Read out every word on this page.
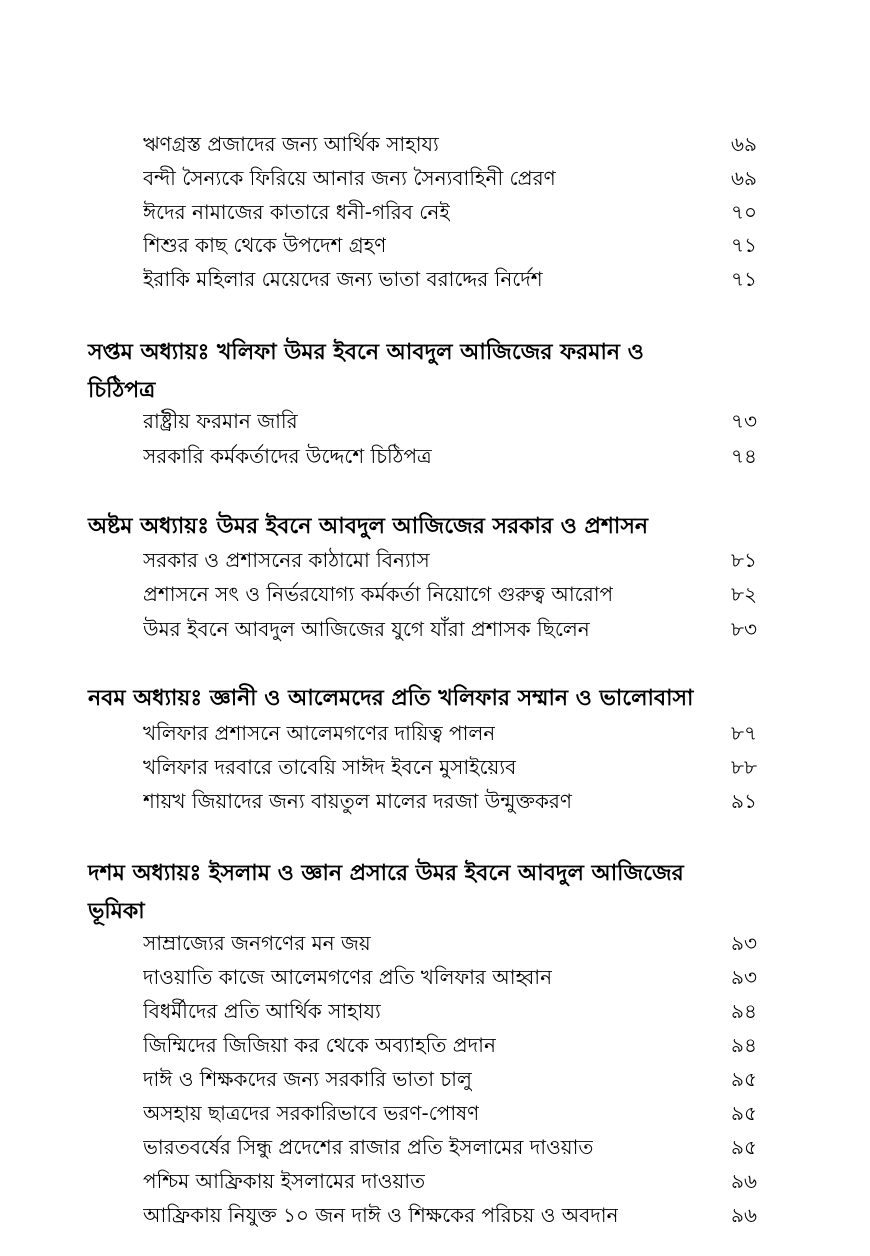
ঋণগ্রস্ত প্রজাদের জন্য আর্থিক সাহায্য	৬৯
বন্দী সৈন্যকে ফিরিয়ে আনার জন্য সৈন্যবাহিনী প্রেরণ	৬৯
ঈদের নামাজের কাতারে ধনী-গরিব নেই	৭০
শিশুর কাছ থেকে উপদেশ গ্রহণ	৭১
ইরাকি মহিলার মেয়েদের জন্য ভাতা বরাদ্দের নির্দেশ	৭১
সপ্তম অধ্যায়ঃ খলিফা উমর ইবনে আবদুল আজিজের ফরমান ও
চিঠিপত্র
রাষ্ট্রীয় ফরমান জারি	৭৩
সরকারি কর্মকর্তাদের উদ্দেশে চিঠিপত্র	৭৪
অষ্টম অধ্যায়ঃ উমর ইবনে আবদুল আজিজের সরকার ও প্রশাসন
সরকার ও প্রশাসনের কাঠামো বিন্যাস	৮১
প্রশাসনে সৎ ও নির্ভরযোগ্য কর্মকর্তা নিয়োগে গুরুত্ব আরোপ	৮২
উমর ইবনে আবদুল আজিজের যুগে যাঁরা প্রশাসক ছিলেন	৮৩
নবম অধ্যায়ঃ জ্ঞানী ও আলেমদের প্রতি খলিফার সম্মান ও ভালোবাসা
খলিফার প্রশাসনে আলেমগণের দায়িত্ব পালন	৮৭
খলিফার দরবারে তাবেয়ি সাঈদ ইবনে মুসাইয়্যেব	৮৮
শায়খ জিয়াদের জন্য বায়তুল মালের দরজা উন্মুক্তকরণ	৯১
দশম অধ্যায়ঃ ইসলাম ও জ্ঞান প্রসারে উমর ইবনে আবদুল আজিজের
ভূমিকা
সাম্রাজ্যের জনগণের মন জয়	৯৩
দাওয়াতি কাজে আলেমগণের প্রতি খলিফার আহ্বান	৯৩
বিধর্মীদের প্রতি আর্থিক সাহায্য	৯৪
জিম্মিদের জিজিয়া কর থেকে অব্যাহতি প্রদান	৯৪
দাঈ ও শিক্ষকদের জন্য সরকারি ভাতা চালু	৯৫
অসহায় ছাত্রদের সরকারিভাবে ভরণ-পোষণ	৯৫
ভারতবর্ষের সিন্ধু প্রদেশের রাজার প্রতি ইসলামের দাওয়াত	৯৫
পশ্চিম আফ্রিকায় ইসলামের দাওয়াত	৯৬
আফ্রিকায় নিযুক্ত ১০ জন দাঈ ও শিক্ষকের পরিচয় ও অবদান	৯৬
